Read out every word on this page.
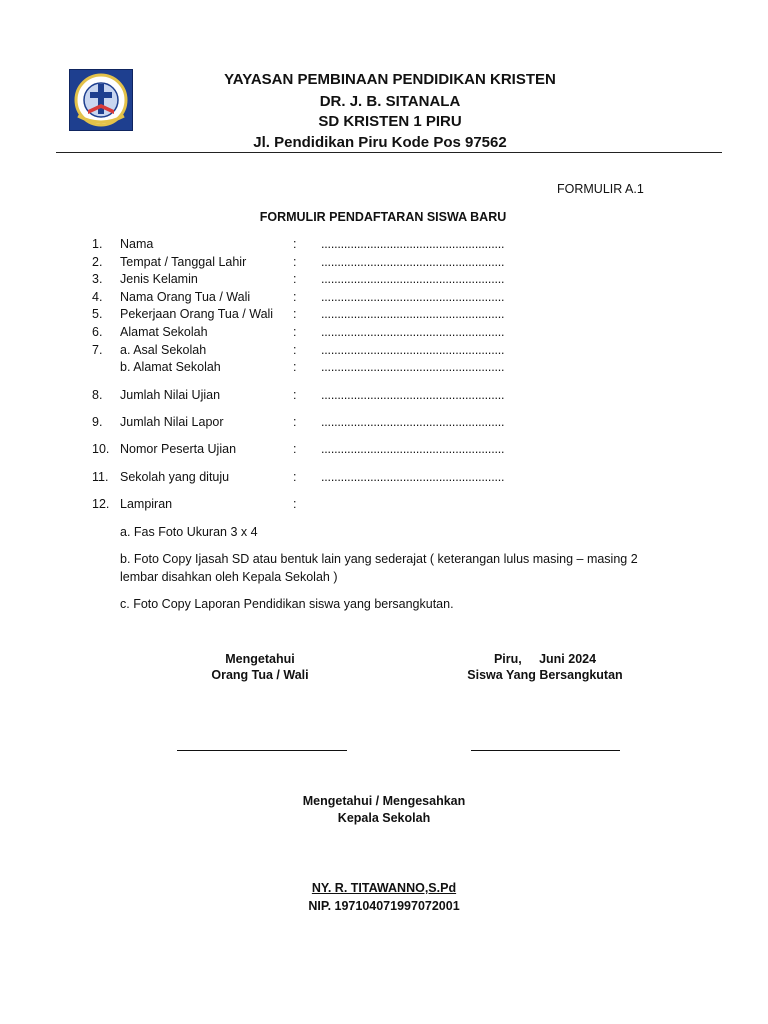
YAYASAN PEMBINAAN PENDIDIKAN KRISTEN
DR. J. B. SITANALA
SD KRISTEN 1 PIRU
Jl. Pendidikan Piru Kode Pos 97562
FORMULIR A.1
FORMULIR PENDAFTARAN SISWA BARU
1.	Nama	: ........................................................
2.	Tempat / Tanggal Lahir	: ........................................................
3.	Jenis Kelamin	: ........................................................
4.	Nama Orang Tua / Wali	: ........................................................
5.	Pekerjaan Orang Tua / Wali	: ........................................................
6.	Alamat Sekolah	: ........................................................
7.	a. Asal Sekolah	: ........................................................
b. Alamat Sekolah	: ........................................................
8.	Jumlah Nilai Ujian	: ........................................................
9.	Jumlah Nilai Lapor	: ........................................................
10. Nomor Peserta Ujian	: ........................................................
11. Sekolah yang dituju	: ........................................................
12. Lampiran	:
a. Fas Foto Ukuran 3 x 4
b. Foto Copy Ijasah SD atau bentuk lain yang sederajat ( keterangan lulus masing – masing 2
lembar disahkan oleh Kepala Sekolah )
c. Foto Copy Laporan Pendidikan siswa yang bersangkutan.
Mengetahui
Orang Tua / Wali
Piru,     Juni 2024
Siswa Yang Bersangkutan
Mengetahui / Mengesahkan
Kepala Sekolah
NY. R. TITAWANNO,S.Pd
NIP. 197104071997072001
